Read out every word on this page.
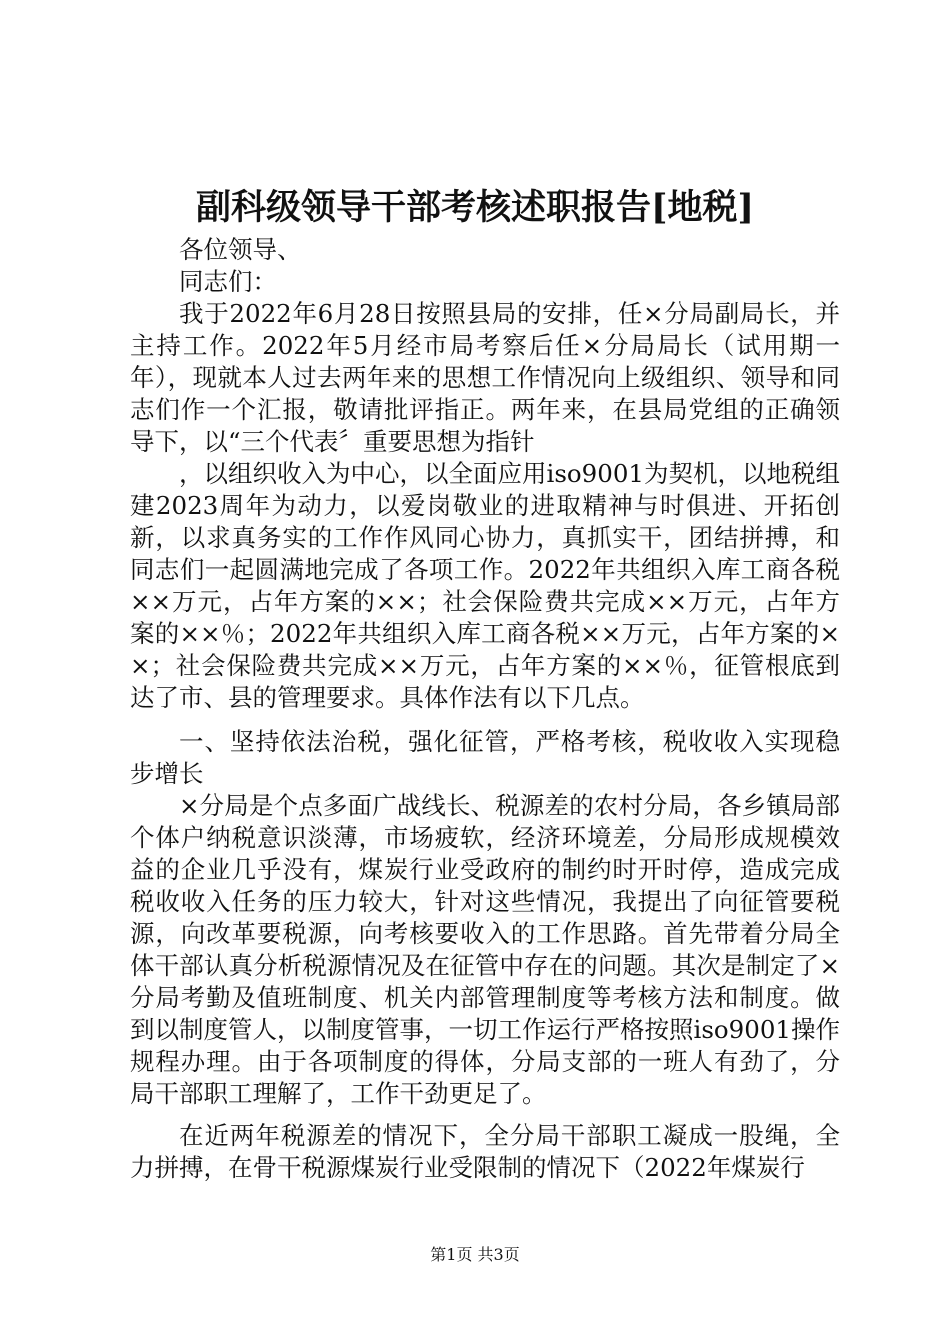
副科级领导干部考核述职报告[地税]

各位领导、

同志们：

我于2022年6月28日按照县局的安排，任×分局副局长，并主持工作。2022年5月经市局考察后任×分局局长（试用期一年），现就本人过去两年来的思想工作情况向上级组织、领导和同志们作一个汇报，敬请批评指正。两年来，在县局党组的正确领导下，以“三个代表〞重要思想为指针

，以组织收入为中心，以全面应用iso9001为契机，以地税组建2023周年为动力，以爱岗敬业的进取精神与时俱进、开拓创新，以求真务实的工作作风同心协力，真抓实干，团结拼搏，和同志们一起圆满地完成了各项工作。2022年共组织入库工商各税××万元，占年方案的××；社会保险费共完成××万元，占年方案的××％；2022年共组织入库工商各税××万元，占年方案的××；社会保险费共完成××万元，占年方案的××％，征管根底到达了市、县的管理要求。具体作法有以下几点。

一、坚持依法治税，强化征管，严格考核，税收收入实现稳步增长

×分局是个点多面广战线长、税源差的农村分局，各乡镇局部个体户纳税意识淡薄，市场疲软，经济环境差，分局形成规模效益的企业几乎没有，煤炭行业受政府的制约时开时停，造成完成税收收入任务的压力较大，针对这些情况，我提出了向征管要税源，向改革要税源，向考核要收入的工作思路。首先带着分局全体干部认真分析税源情况及在征管中存在的问题。其次是制定了×分局考勤及值班制度、机关内部管理制度等考核方法和制度。做到以制度管人，以制度管事，一切工作运行严格按照iso9001操作规程办理。由于各项制度的得体，分局支部的一班人有劲了，分局干部职工理解了，工作干劲更足了。

在近两年税源差的情况下，全分局干部职工凝成一股绳，全力拼搏，在骨干税源煤炭行业受限制的情况下（2022年煤炭行

第1页 共3页
